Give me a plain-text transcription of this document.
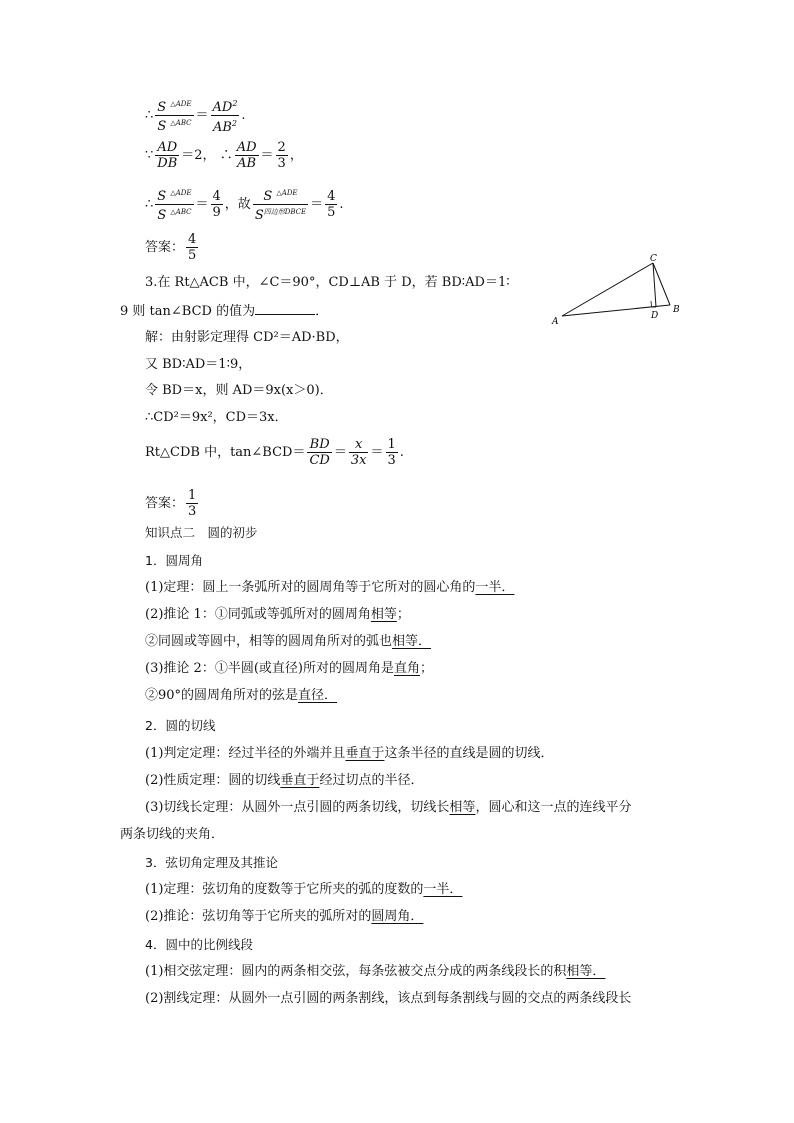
∴ $\frac{S ^{\triangle ADE}}{S ^{\triangle ABC}} = \frac{AD^2}{AB^2}$ .
∵ $\frac{AD}{DB} =2$， ∴ $\frac{AD}{AB} = \frac{2}{3}$ ，
∴ $\frac{S ^{\triangle ADE}}{S ^{\triangle ABC}} = \frac{4}{9}$ ，故 $\frac{S ^{\triangle ADE}}{S^{四边形DBCE}} = \frac{4}{5}$ .
答案： $\frac{4}{5}$
3.在 Rt△ACB 中，∠C＝90°，CD⊥AB 于 D，若 BD∶AD＝1∶
9 则 tan∠BCD 的值为	．
A
B
C
D
解：由射影定理得 CD²＝AD·BD，
又 BD∶AD＝1∶9，
令 BD＝x，则 AD＝9x(x＞0)．
∴CD²＝9x²，CD＝3x．
Rt△CDB 中，tan∠BCD＝ $\frac{BD}{CD} = \frac{x}{3x} = \frac{1}{3}$ .
答案： $\frac{1}{3}$
知识点二　圆的初步
1．圆周角
(1)定理：圆上一条弧所对的圆周角等于它所对的圆心角的一半．
(2)推论 1：①同弧或等弧所对的圆周角相等；
②同圆或等圆中，相等的圆周角所对的弧也相等．
(3)推论 2：①半圆(或直径)所对的圆周角是直角；
②90°的圆周角所对的弦是直径．
2．圆的切线
(1)判定定理：经过半径的外端并且垂直于这条半径的直线是圆的切线．
(2)性质定理：圆的切线垂直于经过切点的半径．
(3)切线长定理：从圆外一点引圆的两条切线，切线长相等，圆心和这一点的连线平分
两条切线的夹角．
3．弦切角定理及其推论
(1)定理：弦切角的度数等于它所夹的弧的度数的一半．
(2)推论：弦切角等于它所夹的弧所对的圆周角．
4．圆中的比例线段
(1)相交弦定理：圆内的两条相交弦，每条弦被交点分成的两条线段长的积相等．
(2)割线定理：从圆外一点引圆的两条割线，该点到每条割线与圆的交点的两条线段长
